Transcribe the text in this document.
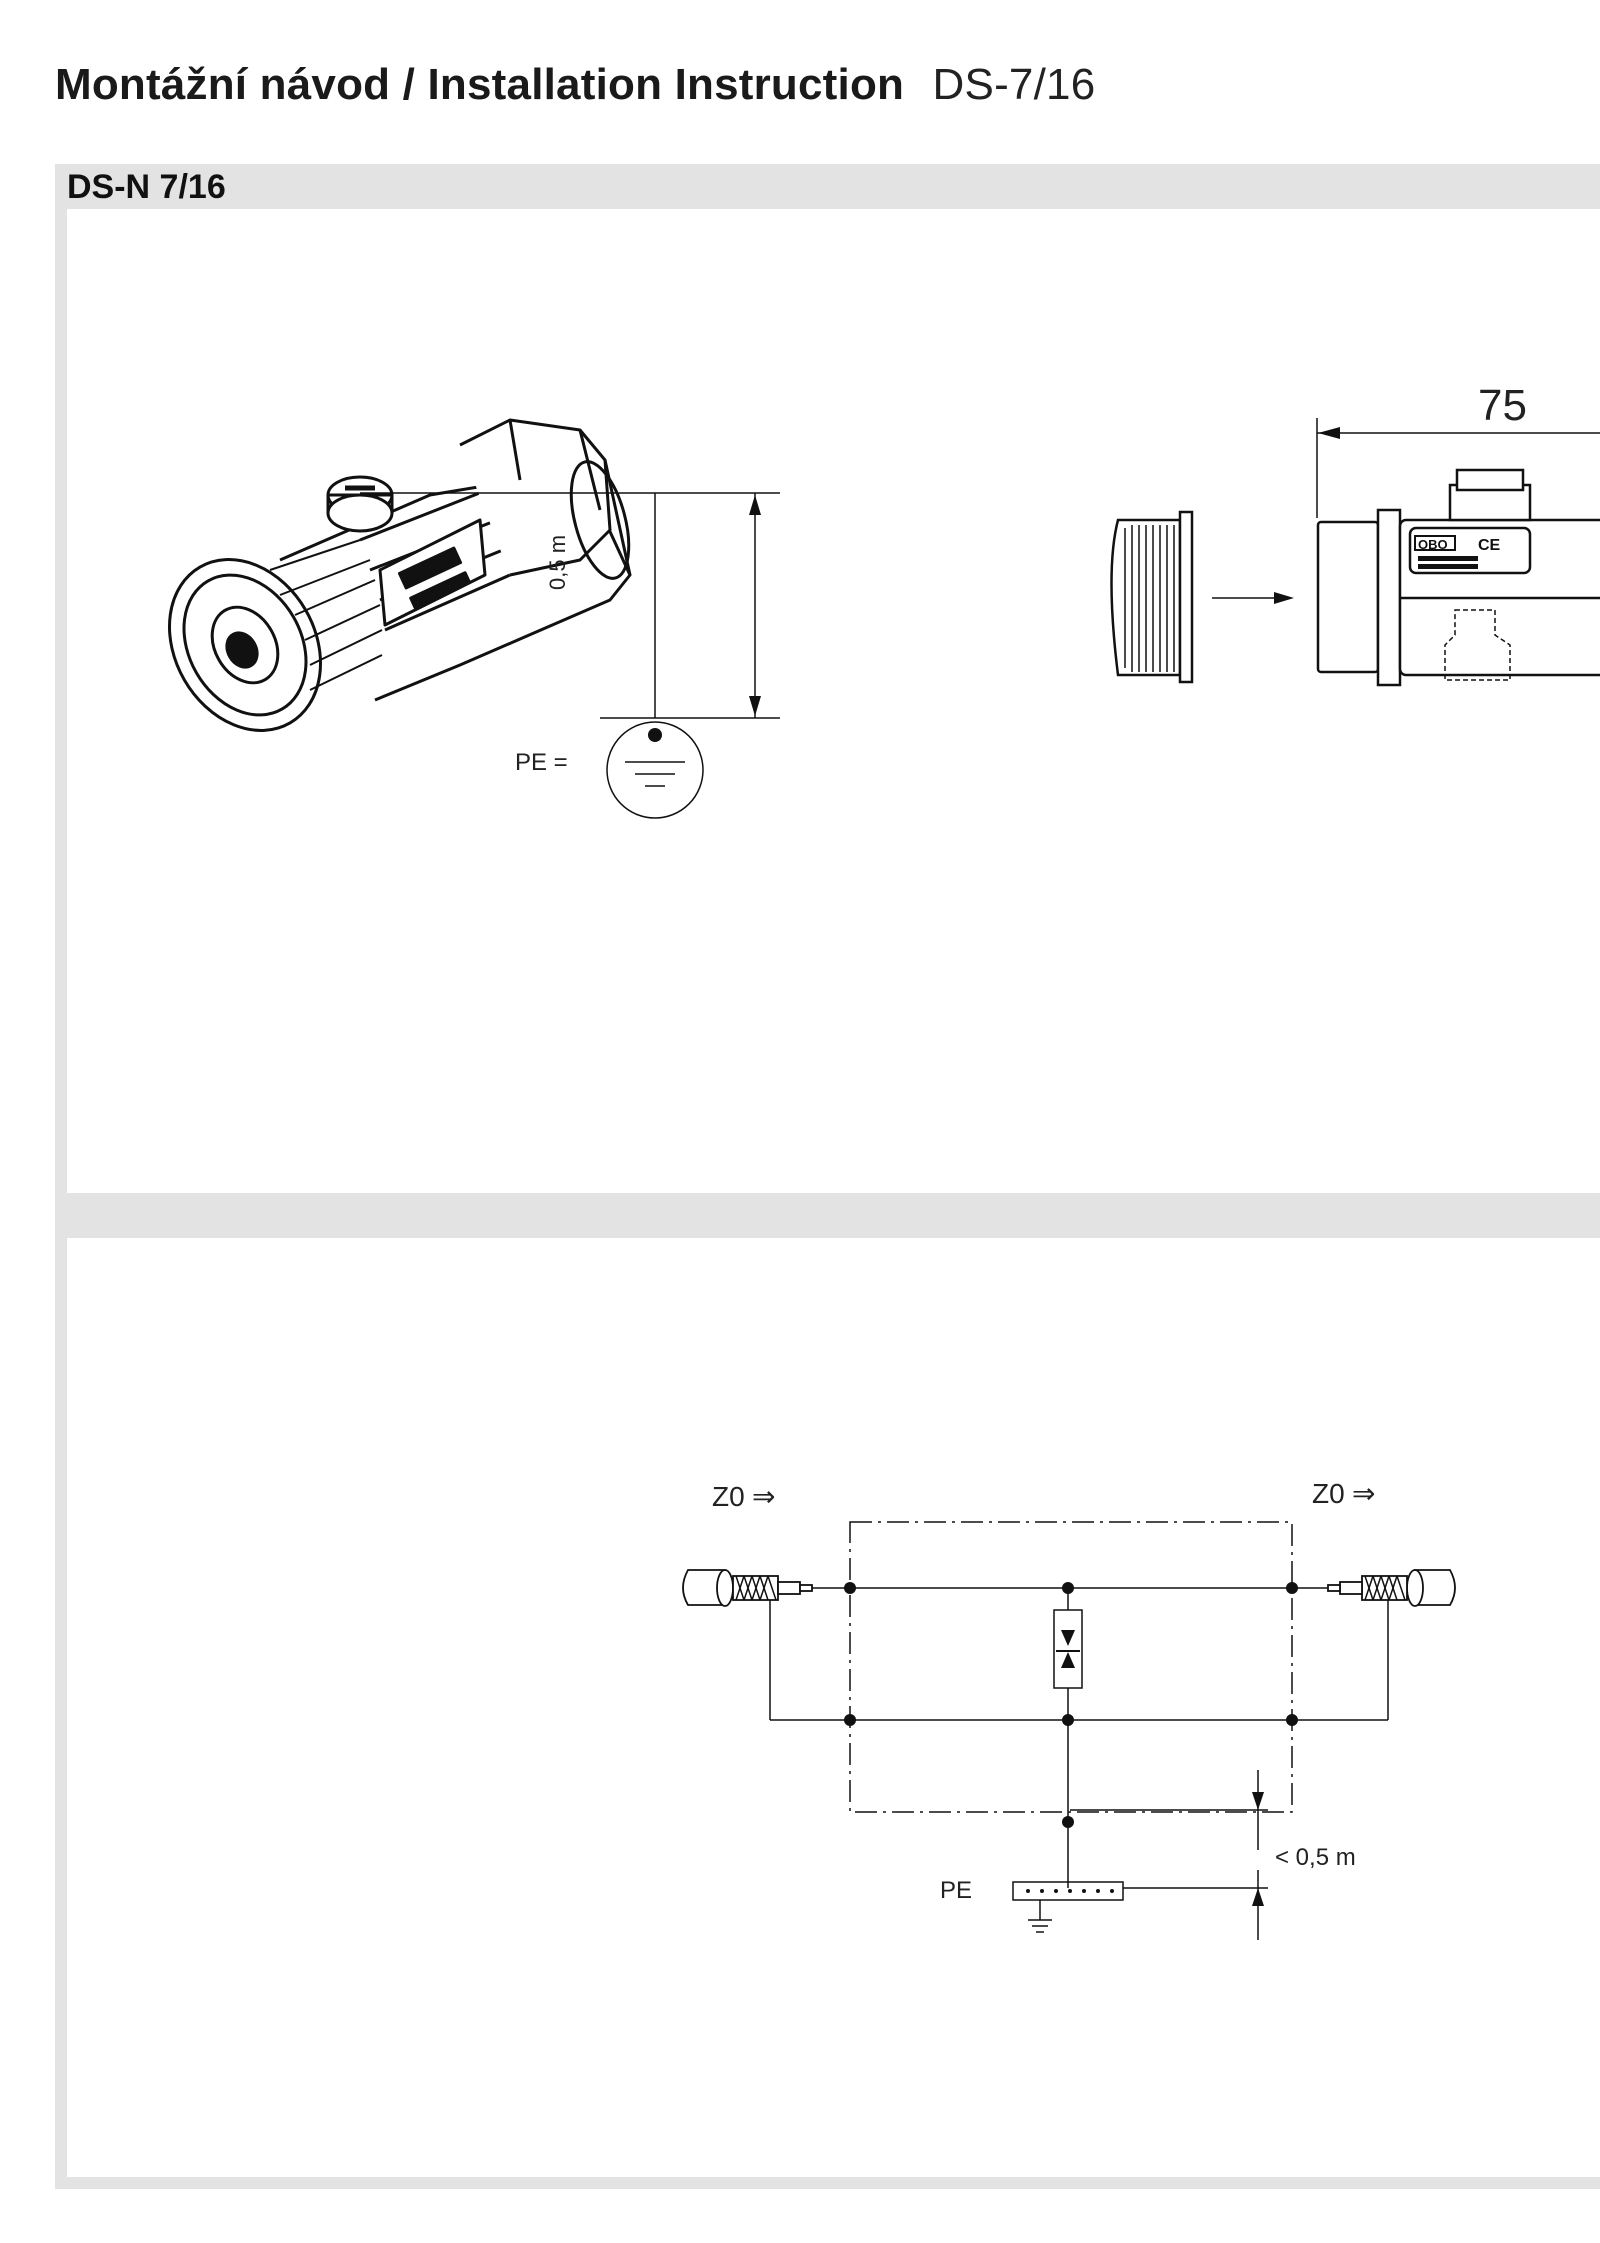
Montážní návod / Installation Instruction DS-7/16
DS-N 7/16
0,5 m
PE =
75
OBO CE
Z0 ⇒	Z0 ⇒
PE
< 0,5 m
